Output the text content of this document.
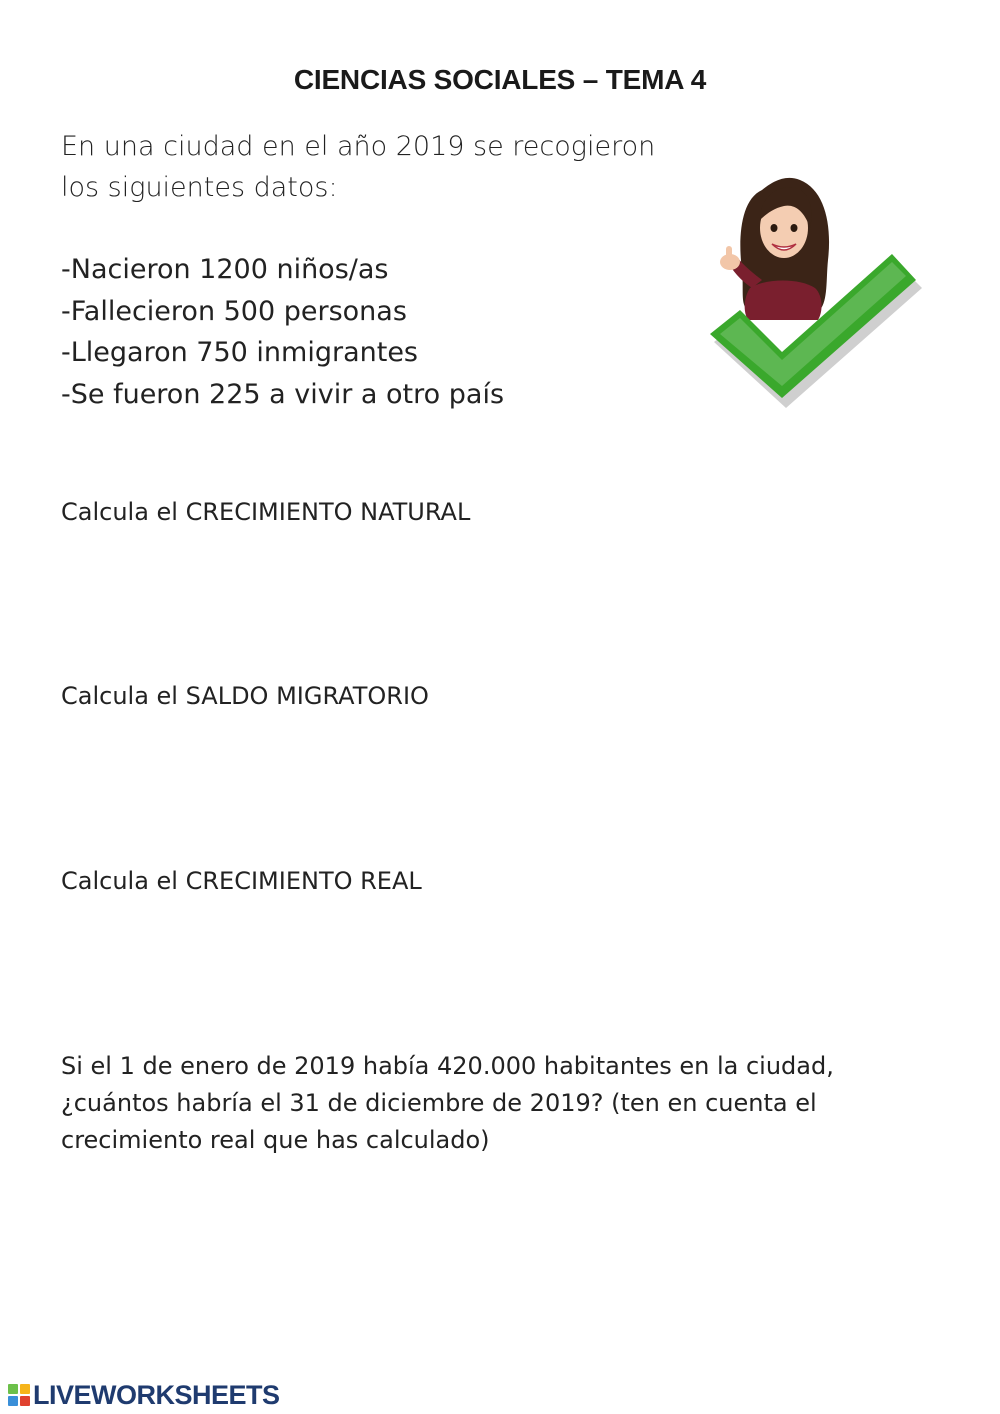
CIENCIAS SOCIALES – TEMA 4
En una ciudad en el año 2019 se recogieron
los siguientes datos:
-Nacieron 1200 niños/as
-Fallecieron 500 personas
-Llegaron 750 inmigrantes
-Se fueron 225 a vivir a otro país
Calcula el CRECIMIENTO NATURAL
Calcula el SALDO MIGRATORIO
Calcula el CRECIMIENTO REAL
Si el 1 de enero de 2019 había 420.000 habitantes en la ciudad,
¿cuántos habría el 31 de diciembre de 2019? (ten en cuenta el
crecimiento real que has calculado)
LIVEWORKSHEETS
